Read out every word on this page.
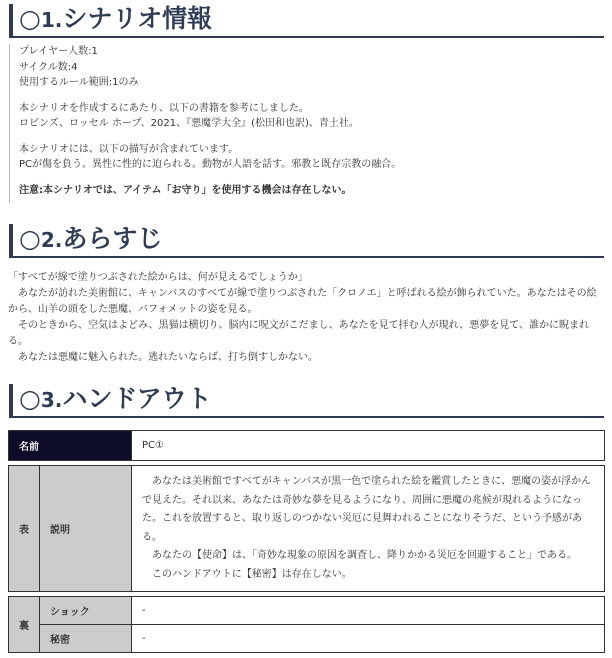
○1.シナリオ情報

プレイヤー人数:1

サイクル数:4

使用するルール範囲:1のみ

本シナリオを作成するにあたり、以下の書籍を参考にしました。

ロビンズ、ロッセル ホープ、2021、『悪魔学大全』(松田和也訳)、青土社。

本シナリオには、以下の描写が含まれています。

PCが傷を負う。異性に性的に迫られる。動物が人語を話す。邪教と既存宗教の融合。

注意:本シナリオでは、アイテム「お守り」を使用する機会は存在しない。

○2.あらすじ

「すべてが線で塗りつぶされた絵からは、何が見えるでしょうか」

　あなたが訪れた美術館に、キャンバスのすべてが線で塗りつぶされた「クロノエ」と呼ばれる絵が飾られていた。あなたはその絵から、山羊の頭をした悪魔、バフォメットの姿を見る。

　そのときから、空気はよどみ、黒猫は横切り、脳内に呪文がこだまし、あなたを見て拝む人が現れ、悪夢を見て、誰かに睨まれる。

　あなたは悪魔に魅入られた。逃れたいならば、打ち倒すしかない。

○3.ハンドアウト
名前		PC①

表	説明	　あなたは美術館ですべてがキャンバスが黒一色で塗られた絵を鑑賞したときに、悪魔の姿が浮かんで見えた。それ以来、あなたは奇妙な夢を見るようになり、周囲に悪魔の兆候が現れるようになった。これを放置すると、取り返しのつかない災厄に見舞われることになりそうだ、という予感がある。

　あなたの【使命】は、「奇妙な現象の原因を調査し、降りかかる災厄を回避すること」である。

　このハンドアウトに【秘密】は存在しない。

裏	ショック	-
	秘密	-
